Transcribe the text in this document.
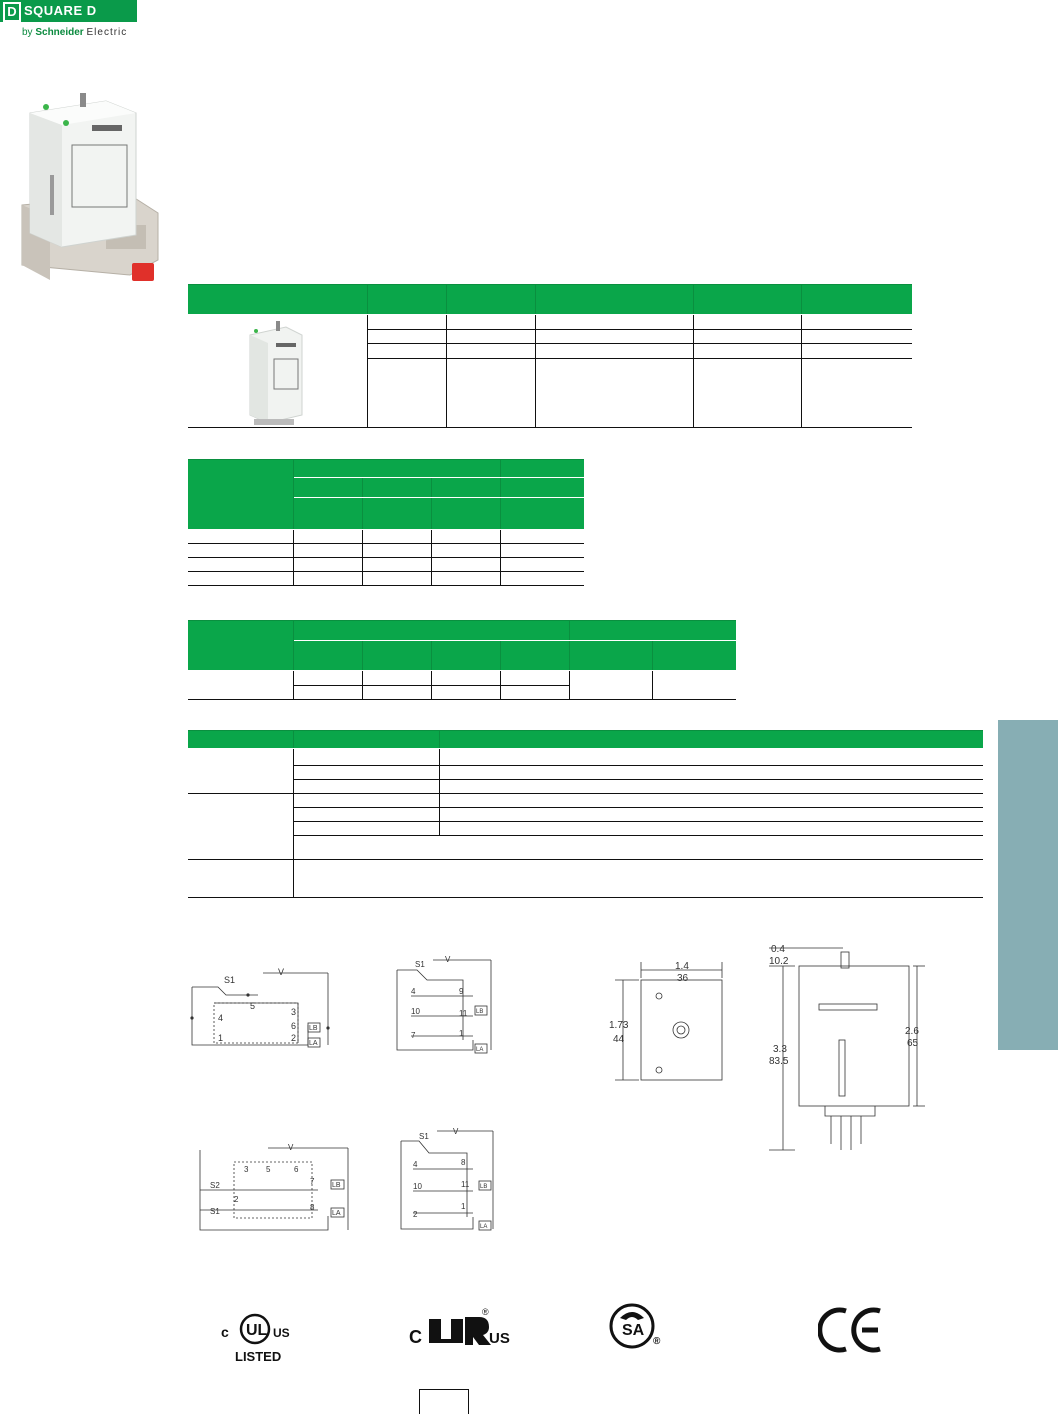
D SQUARE D
by Schneider Electric

S1
V
LB
LA
5
4
1
3
6
2
S1
V
LB
LA
4
10
7
9
11
1
S2
S1
V
LB
LA
3 5	6
7
8
2
S1
V
LB
LA
4
10
2
8
11
1
1.4
36
1.73
44
0.4
10.2
2.6
65
3.3
83.5
UL
c	US
LISTED
C	US
®
SA
®
CE
